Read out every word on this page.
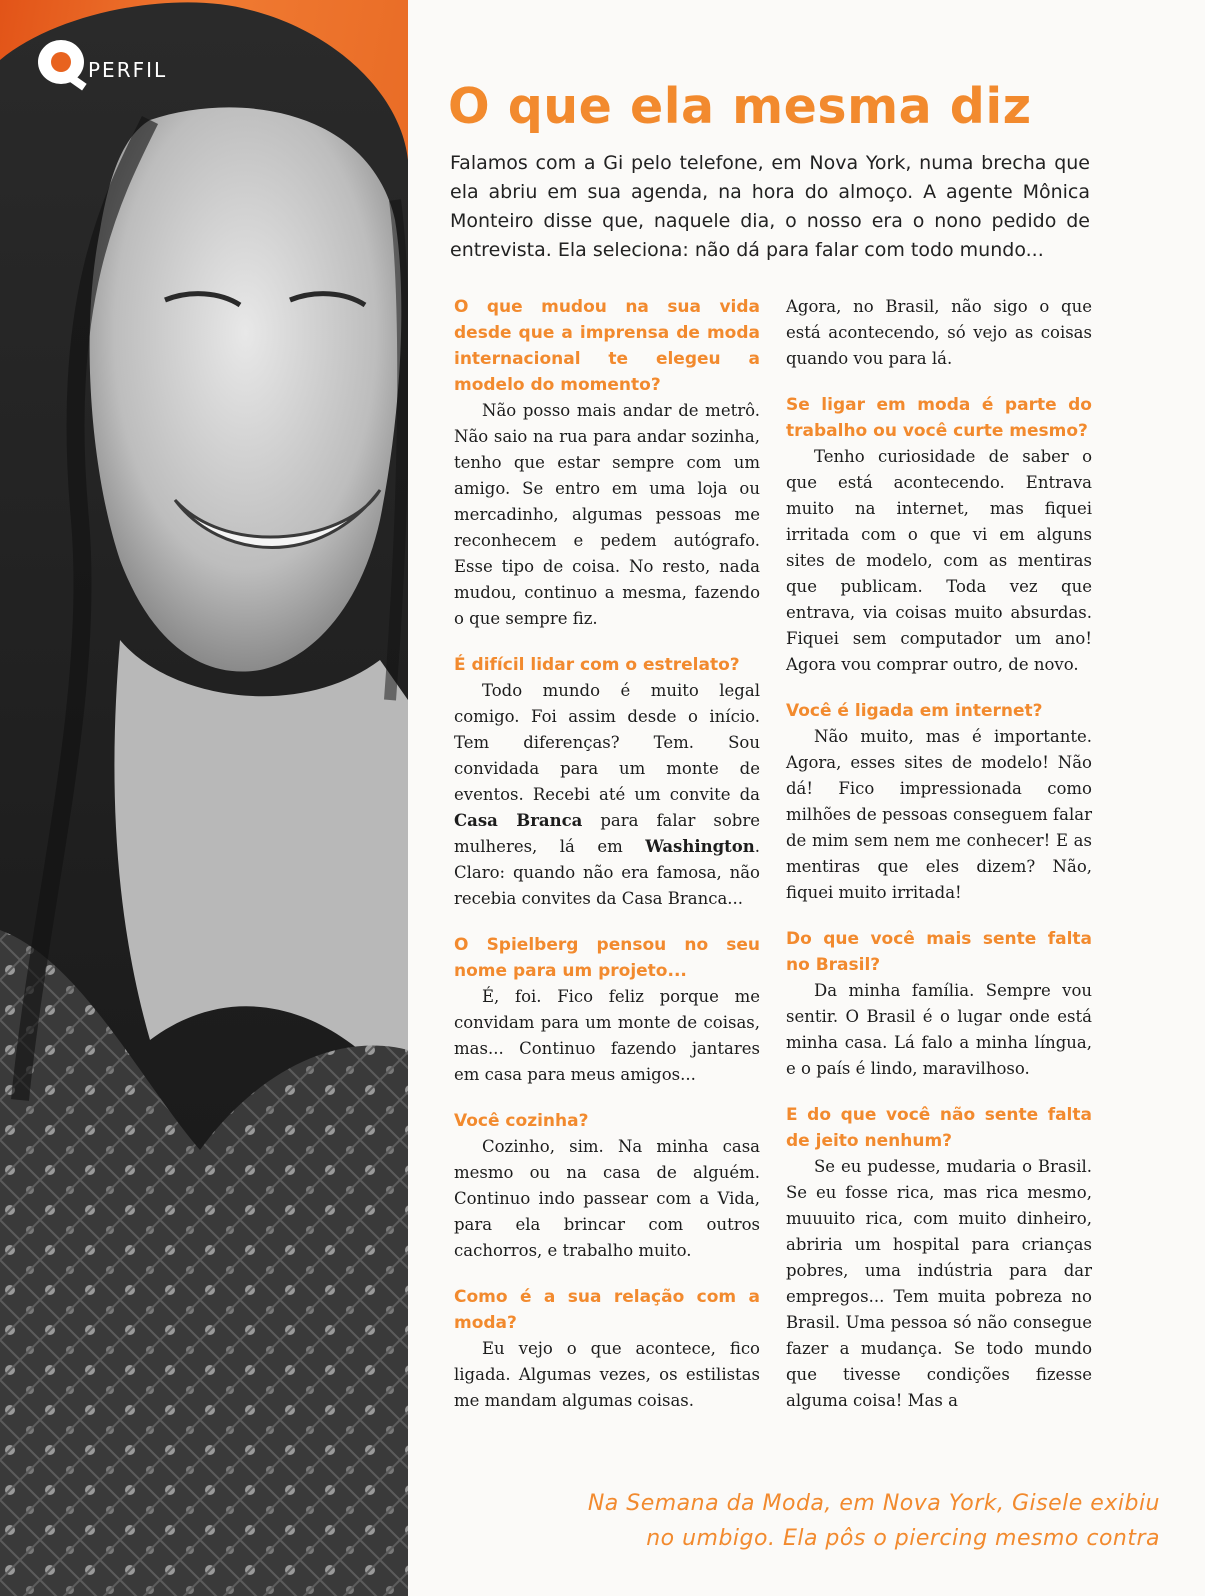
PERFIL
O que ela mesma diz

Falamos com a Gi pelo telefone, em Nova York, numa brecha que ela abriu em sua agenda, na hora do almoço. A agente Mônica Monteiro disse que, naquele dia, o nosso era o nono pedido de entrevista. Ela seleciona: não dá para falar com todo mundo...

O que mudou na sua vida desde que a imprensa de moda internacional te elegeu a modelo do momento?

Não posso mais andar de metrô. Não saio na rua para andar sozinha, tenho que estar sempre com um amigo. Se entro em uma loja ou mercadinho, algumas pessoas me reconhecem e pedem autógrafo. Esse tipo de coisa. No resto, nada mudou, continuo a mesma, fazendo o que sempre fiz.

É difícil lidar com o estrelato?

Todo mundo é muito legal comigo. Foi assim desde o início. Tem diferenças? Tem. Sou convidada para um monte de eventos. Recebi até um convite da Casa Branca para falar sobre mulheres, lá em Washington. Claro: quando não era famosa, não recebia convites da Casa Branca...

O Spielberg pensou no seu nome para um projeto...

É, foi. Fico feliz porque me convidam para um monte de coisas, mas... Continuo fazendo jantares em casa para meus amigos...

Você cozinha?

Cozinho, sim. Na minha casa mesmo ou na casa de alguém. Continuo indo passear com a Vida, para ela brincar com outros cachorros, e trabalho muito.

Como é a sua relação com a moda?

Eu vejo o que acontece, fico ligada. Algumas vezes, os estilistas me mandam algumas coisas.

Agora, no Brasil, não sigo o que está acontecendo, só vejo as coisas quando vou para lá.

Se ligar em moda é parte do trabalho ou você curte mesmo?

Tenho curiosidade de saber o que está acontecendo. Entrava muito na internet, mas fiquei irritada com o que vi em alguns sites de modelo, com as mentiras que publicam. Toda vez que entrava, via coisas muito absurdas. Fiquei sem computador um ano! Agora vou comprar outro, de novo.

Você é ligada em internet?

Não muito, mas é importante. Agora, esses sites de modelo! Não dá! Fico impressionada como milhões de pessoas conseguem falar de mim sem nem me conhecer! E as mentiras que eles dizem? Não, fiquei muito irritada!

Do que você mais sente falta no Brasil?

Da minha família. Sempre vou sentir. O Brasil é o lugar onde está minha casa. Lá falo a minha língua, e o país é lindo, maravilhoso.

E do que você não sente falta de jeito nenhum?

Se eu pudesse, mudaria o Brasil. Se eu fosse rica, mas rica mesmo, muuuito rica, com muito dinheiro, abriria um hospital para crianças pobres, uma indústria para dar empregos... Tem muita pobreza no Brasil. Uma pessoa só não consegue fazer a mudança. Se todo mundo que tivesse condições fizesse alguma coisa! Mas a

Na Semana da Moda, em Nova York, Gisele exibiu
no umbigo. Ela pôs o piercing mesmo contra
